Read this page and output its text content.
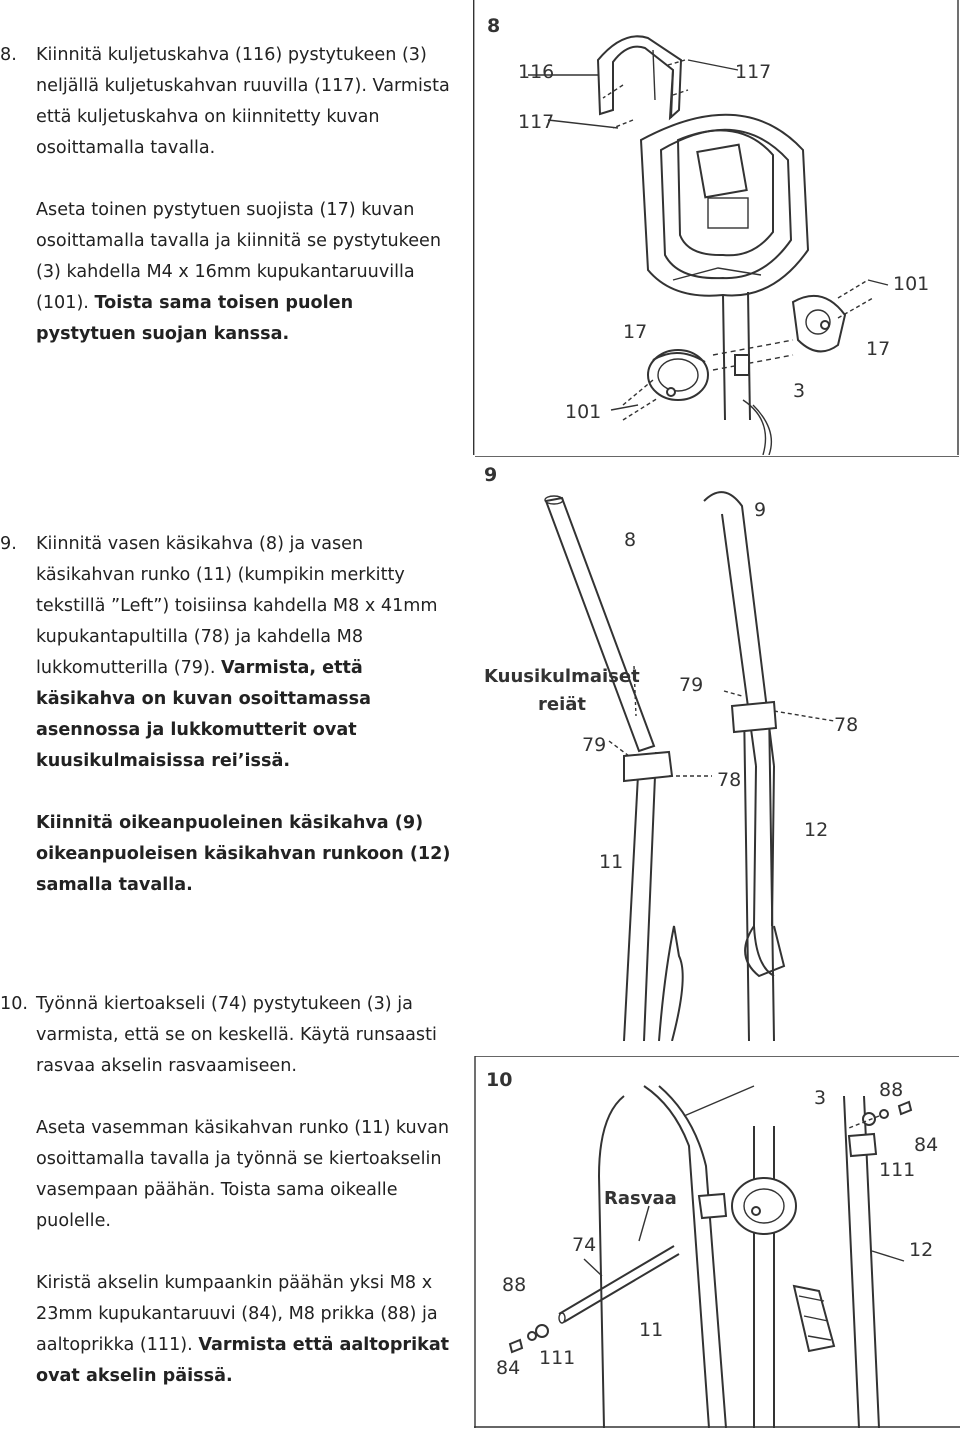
8. Kiinnitä kuljetuskahva (116) pystytukeen (3) neljällä kuljetuskahvan ruuvilla (117). Varmista että kuljetuskahva on kiinnitetty kuvan osoittamalla tavalla.

Aseta toinen pystytuen suojista (17) kuvan osoittamalla tavalla ja kiinnitä se pystytukeen (3) kahdella M4 x 16mm kupukantaruuvilla (101). Toista sama toisen puolen pystytuen suojan kanssa.

9. Kiinnitä vasen käsikahva (8) ja vasen käsikahvan runko (11) (kumpikin merkitty tekstillä ”Left”) toisiinsa kahdella M8 x 41mm kupukantapultilla (78) ja kahdella M8 lukkomutterilla (79). Varmista, että käsikahva on kuvan osoittamassa asennossa ja lukkomutterit ovat kuusikulmaisissa rei’issä.

Kiinnitä oikeanpuoleinen käsikahva (9) oikeanpuoleisen käsikahvan runkoon (12) samalla tavalla.

10. Työnnä kiertoakseli (74) pystytukeen (3) ja varmista, että se on keskellä. Käytä runsaasti rasvaa akselin rasvaamiseen.

Aseta vasemman käsikahvan runko (11) kuvan osoittamalla tavalla ja työnnä se kiertoakselin vasempaan päähän. Toista sama oikealle puolelle.

Kiristä akselin kumpaankin päähän yksi M8 x 23mm kupukantaruuvi (84), M8 prikka (88) ja aaltoprikka (111). Varmista että aaltoprikat ovat akselin päissä.

8
116	117
117
101
17
17
3
101
9
Kuusikulmaiset
reiät
8
9
79
78
79
78
12
11
10
Rasvaa
3	88
84
111
74	12
88
11
111
84
